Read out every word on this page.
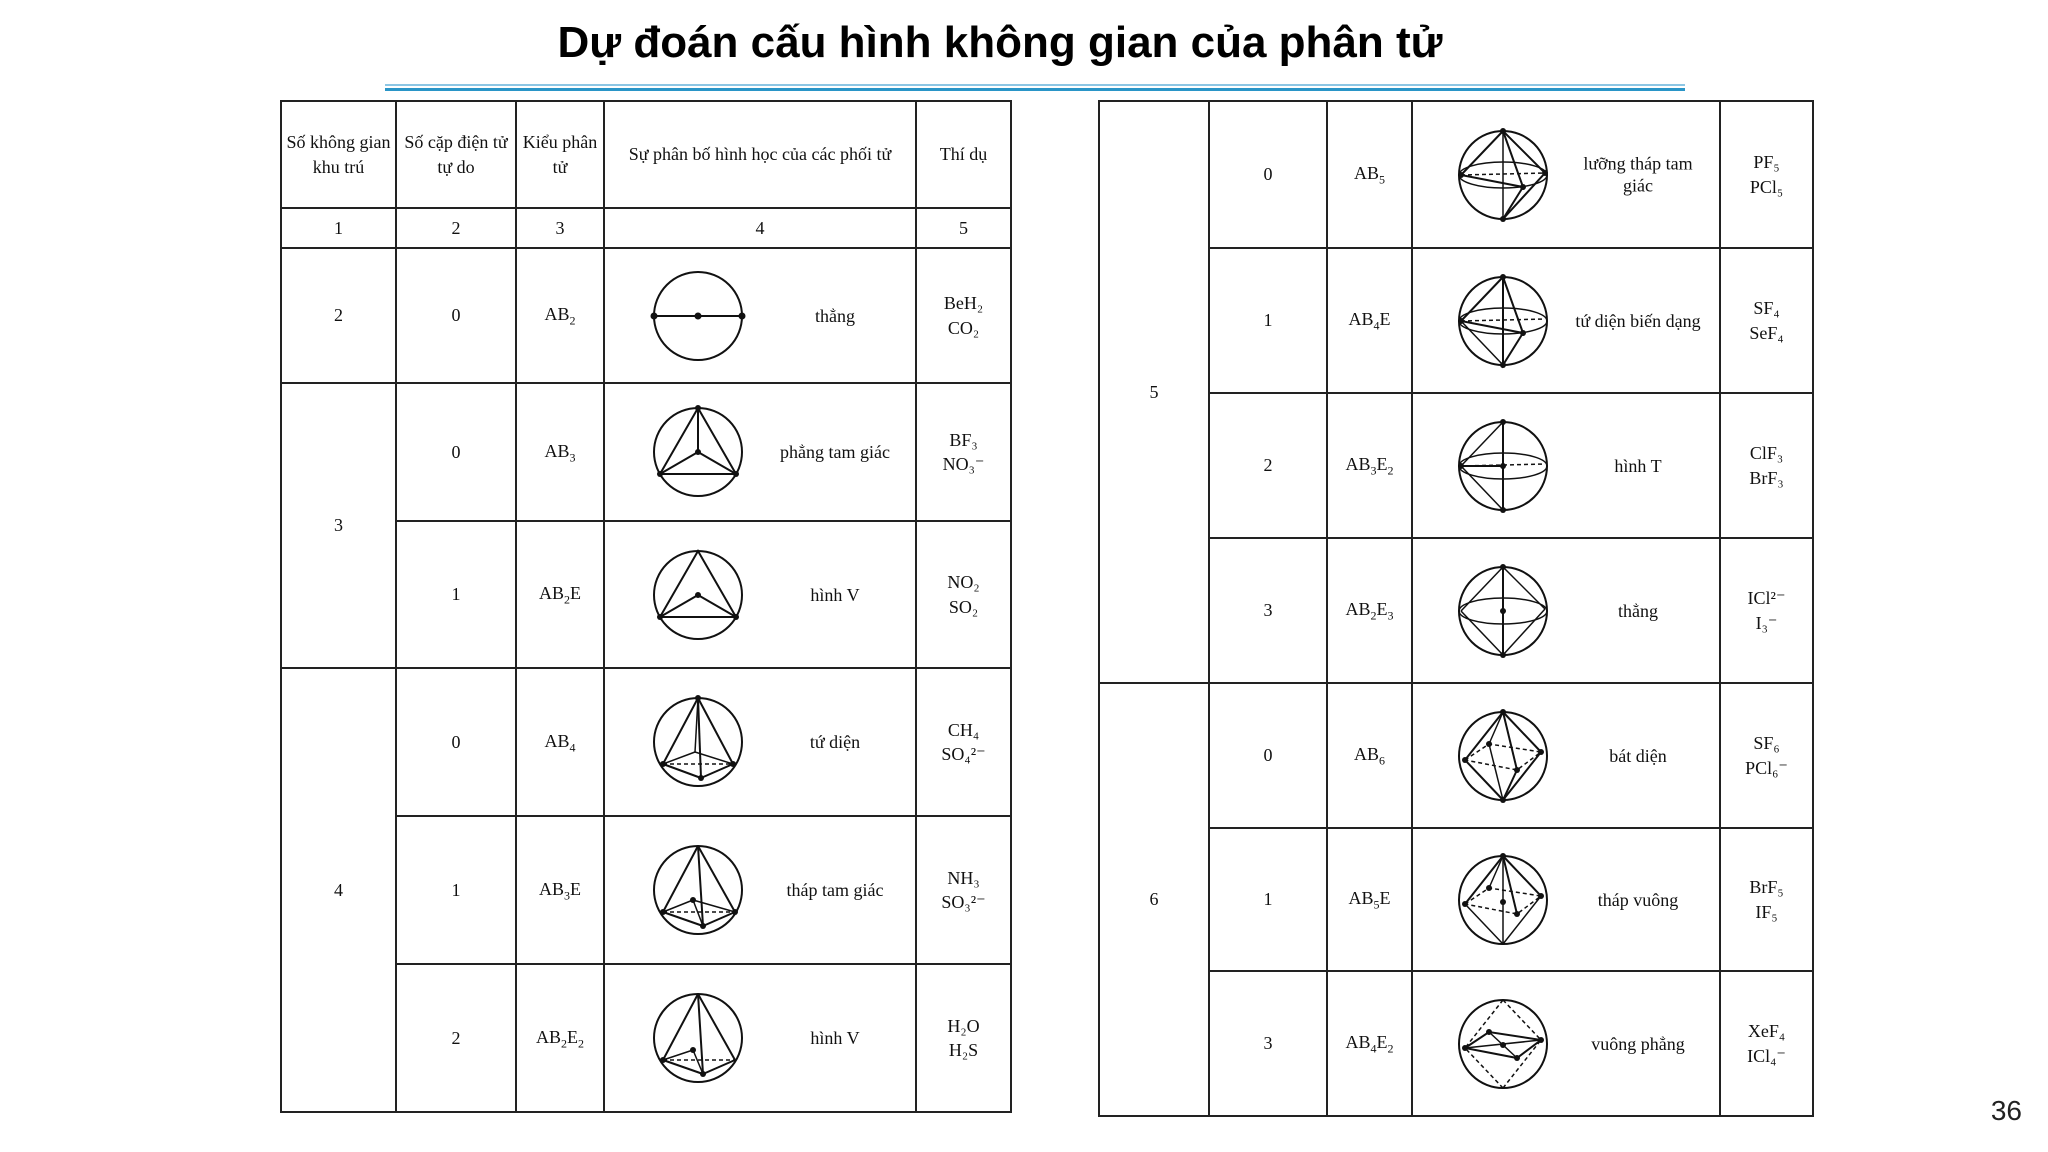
Dự đoán cấu hình không gian của phân tử
Số không gian khu trú	Số cặp điện tử tự do	Kiểu phân tử	Sự phân bố hình học của các phối tử	Thí dụ
1	2	3	4	5
2	0	$AB_2$	thẳng	BeH₂
CO₂

3	0	$AB_3$	phẳng tam giác	BF₃
NO₃⁻

	1	$AB_2E$	hình V	NO₂
SO₂

4	0	$AB_4$	tứ diện	CH₄
SO₄²⁻

	1	$AB_3E$	tháp tam giác	NH₃
SO₃²⁻

	2	$AB_2E_2$	hình V	H₂O
H₂S
5	0	$AB_5$	lưỡng tháp tam giác	PF₅
PCl₅

	1	$AB_4E$	tứ diện biến dạng	SF₄
SeF₄

	2	$AB_3E_2$	hình T	ClF₃
BrF₃

	3	$AB_2E_3$	thẳng	ICl²⁻
I₃⁻

6	0	$AB_6$	bát diện	SF₆
PCl₆⁻

	1	$AB_5E$	tháp vuông	BrF₅
IF₅

	3	$AB_4E_2$	vuông phẳng	XeF₄
ICl₄⁻
36
